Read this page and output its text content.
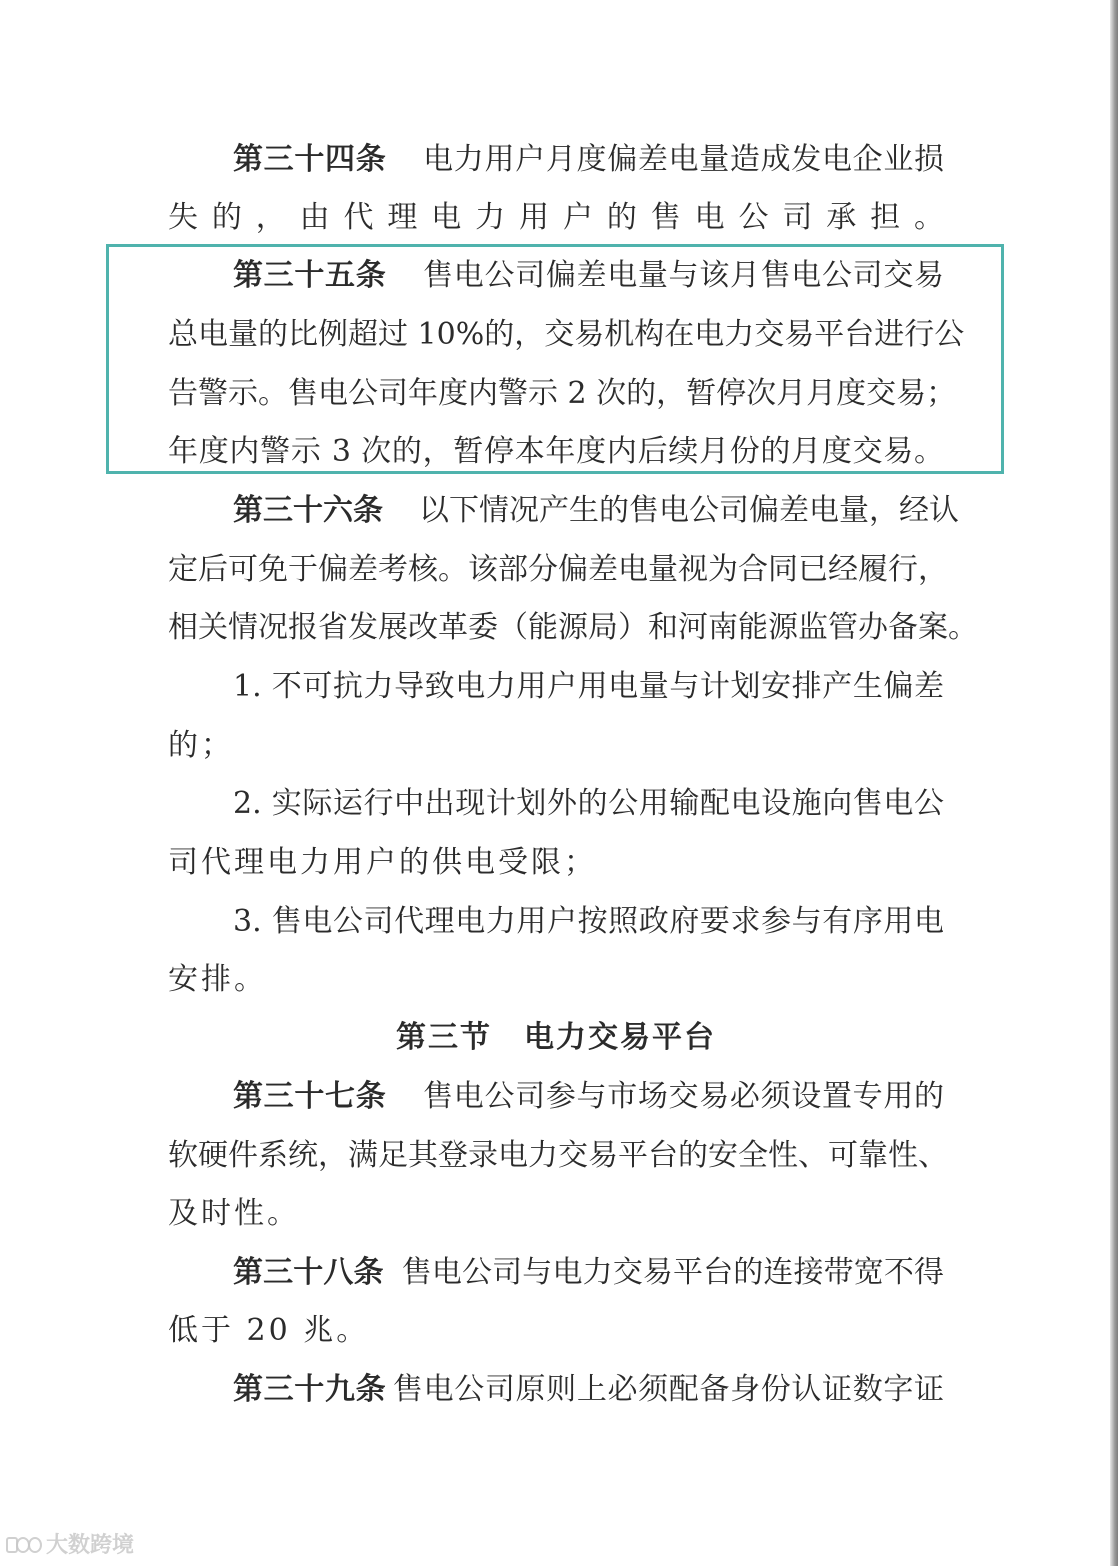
第三十四条 电力用户月度偏差电量造成发电企业损
失的，由代理电力用户的售电公司承担。
第三十五条 售电公司偏差电量与该月售电公司交易
总电量的比例超过 10%的，交易机构在电力交易平台进行公
告警示。售电公司年度内警示 2 次的，暂停次月月度交易；
年度内警示 3 次的，暂停本年度内后续月份的月度交易。
第三十六条 以下情况产生的售电公司偏差电量，经认
定后可免于偏差考核。该部分偏差电量视为合同已经履行，
相关情况报省发展改革委（能源局）和河南能源监管办备案。
1. 不可抗力导致电力用户用电量与计划安排产生偏差
的；
2. 实际运行中出现计划外的公用输配电设施向售电公
司代理电力用户的供电受限；
3. 售电公司代理电力用户按照政府要求参与有序用电
安排。
第三节　电力交易平台
第三十七条 售电公司参与市场交易必须设置专用的
软硬件系统，满足其登录电力交易平台的安全性、可靠性、
及时性。
第三十八条 售电公司与电力交易平台的连接带宽不得
低于 20 兆。
第三十九条 售电公司原则上必须配备身份认证数字证
大数跨境
